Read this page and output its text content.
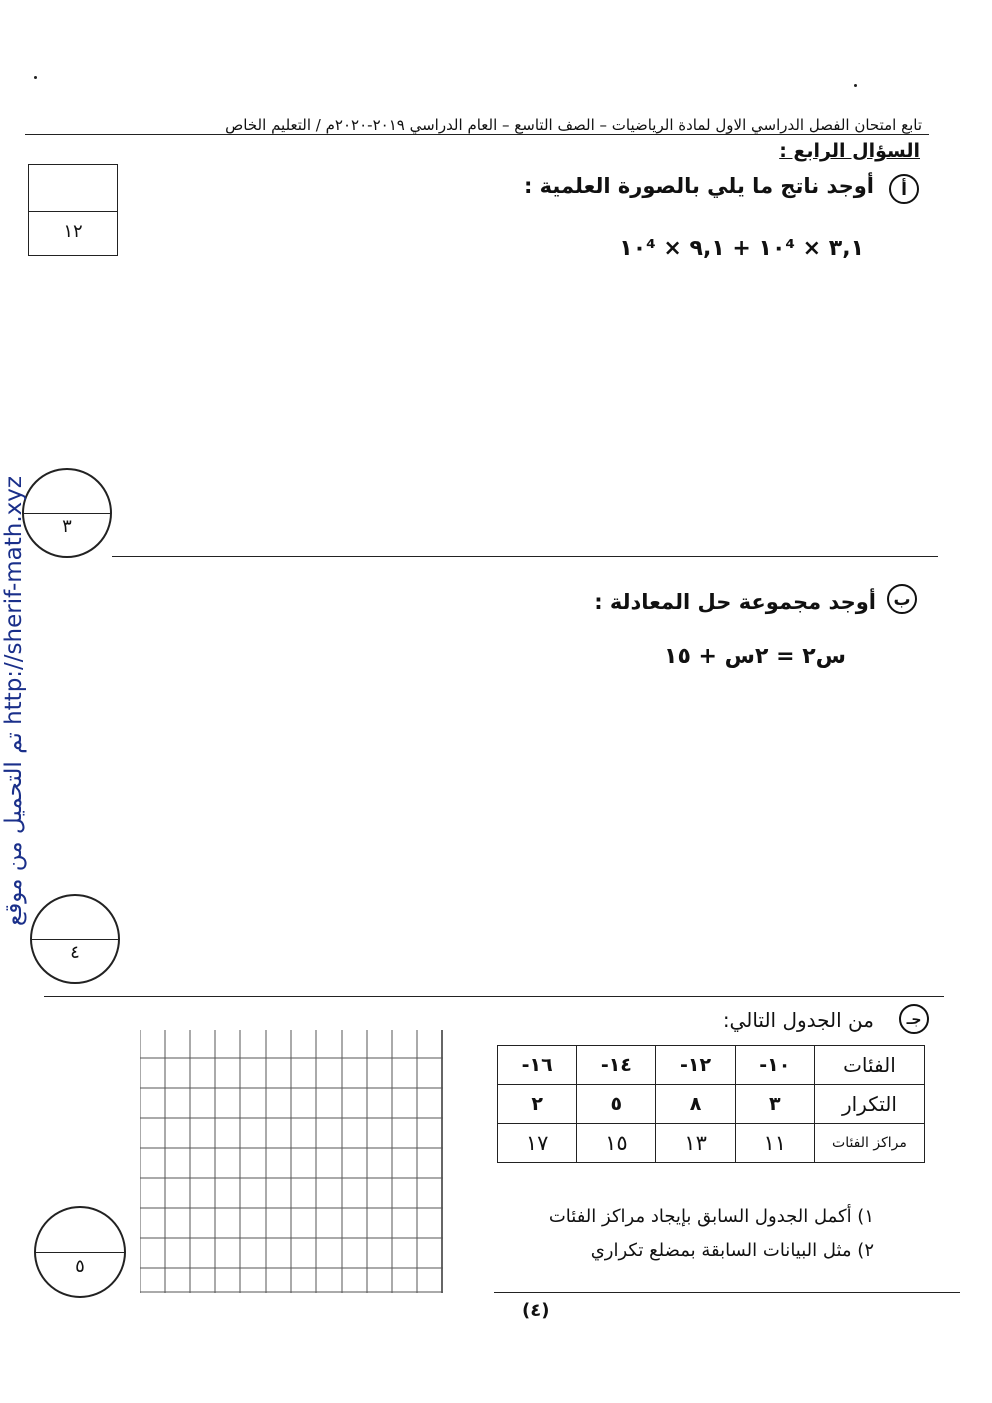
تابع امتحان الفصل الدراسي الاول لمادة الرياضيات – الصف التاسع – العام الدراسي ٢٠١٩-٢٠٢٠م / التعليم الخاص
السؤال الرابع :
أ
أوجد ناتج ما يلي بالصورة العلمية :
٣,١ × ١٠⁴ + ٩,١ × ١٠⁴
١٢
٣
ب
أوجد مجموعة حل المعادلة :
س٢ = ٢س + ١٥
٤
جـ
من الجدول التالي:
الفئات	١٠-	١٢-	١٤-	١٦-
التكرار	٣	٨	٥	٢
مراكز الفئات	١١	١٣	١٥	١٧
١) أكمل الجدول السابق بإيجاد مراكز الفئات
٢) مثل البيانات السابقة بمضلع تكراري
٥
(٤)
تم التحميل من موقع http://sherif-math.xyz
